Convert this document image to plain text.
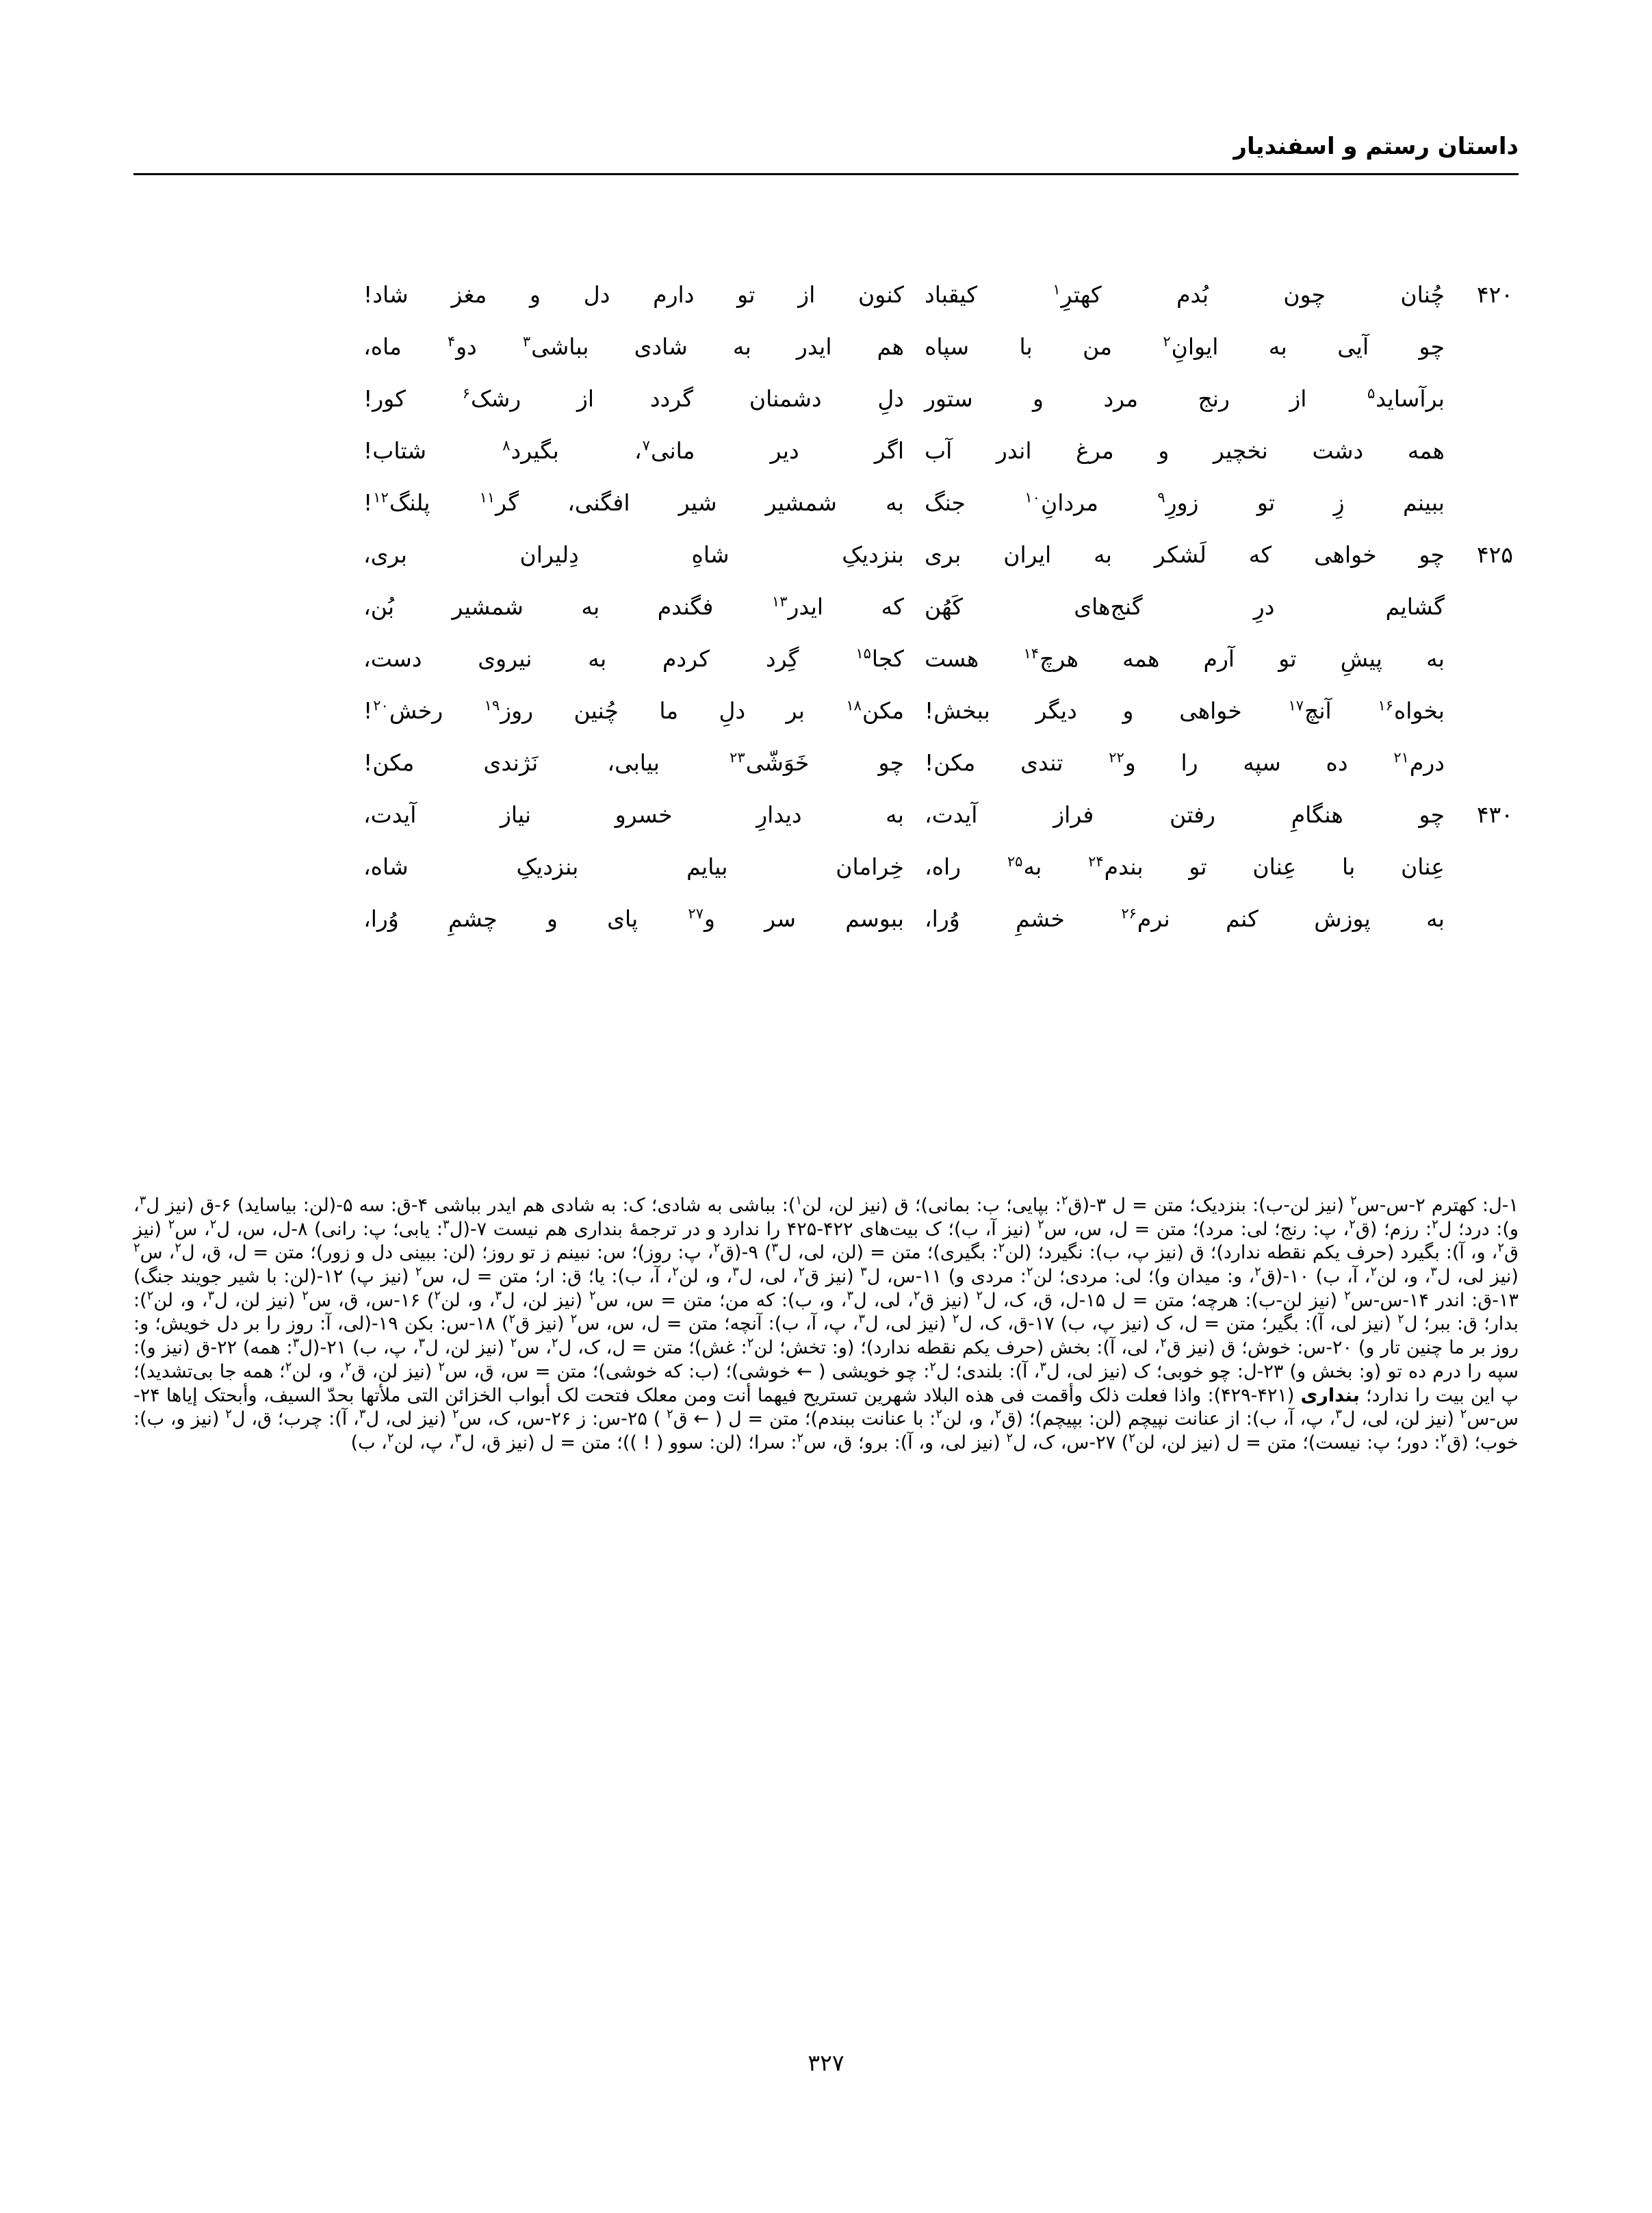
داستان رستم و اسفندیار
۴۲۰
چُنان
چون
بُدم
کهترِ$^۱$
کیقباد
کنون
از
تو
دارم
دل
و
مغز
شاد!
چو
آیی
به
ایوانِ$^۲$
من
با
سپاه
هم
ایدر
به
شادی
بباشی$^۳$
دو$^۴$
ماه،
برآساید$^۵$
از
رنج
مرد
و
ستور
دلِ
دشمنان
گردد
از
رشک$^۶$
کور!
همه
دشت
نخچیر
و
مرغ
اندر
آب
اگر
دیر
مانی$^۷$،
بگیرد$^۸$
شتاب!
ببینم
زِ
تو
زورِ$^۹$
مردانِ$^{۱۰}$
جنگ
به
شمشیر
شیر
افگنی،
گر$^{۱۱}$
پلنگ$^{۱۲}$!
۴۲۵
چو
خواهی
که
لَشکر
به
ایران
بری
بنزدیکِ
شاهِ
دِلیران
بری،
گشایم
درِ
گنج‌های
کَهُن
که
ایدر$^{۱۳}$
فگندم
به
شمشیر
بُن،
به
پیشِ
تو
آرم
همه
هرچ$^{۱۴}$
هست
کجا$^{۱۵}$
گِرد
کردم
به
نیروی
دست،
بخواه$^{۱۶}$
آنچ$^{۱۷}$
خواهی
و
دیگر
ببخش!
مکن$^{۱۸}$
بر
دلِ
ما
چُنین
روز$^{۱۹}$
رخش$^{۲۰}$!
درم$^{۲۱}$
ده
سپه
را
و$^{۲۲}$
تندی
مکن!
چو
خَوَشّی$^{۲۳}$
بیابی،
نَژندی
مکن!
۴۳۰
چو
هنگامِ
رفتن
فراز
آیدت،
به
دیدارِ
خسرو
نیاز
آیدت،
عِنان
با
عِنان
تو
بندم$^{۲۴}$
به$^{۲۵}$
راه،
خِرامان
بیایم
بنزدیکِ
شاه،
به
پوزش
کنم
نرم$^{۲۶}$
خشمِ
وُرا،
ببوسم
سر
و$^{۲۷}$
پای
و
چشمِ
وُرا،

۱-ل: کهترم ۲-س-س$^۲$ (نیز لن-ب): بنزدیک؛ متن = ل ۳-(ق$^۲$: بپایی؛ ب: بمانی)؛ ق (نیز لن، لن$^۱$): بباشی به شادی؛ ک: به شادی هم ایدر بباشی ۴-ق: سه ۵-(لن: بیاساید) ۶-ق (نیز ل$^۳$، و): درد؛ ل$^۲$: رزم؛ (ق$^۲$، پ: رنج؛ لی: مرد)؛ متن = ل، س، س$^۲$ (نیز آ، ب)؛ ک بیت‌های ۴۲۲-۴۲۵ را ندارد و در ترجمهٔ بنداری هم نیست ۷-(ل$^۳$: یابی؛ پ: رانی) ۸-ل، س، ل$^۲$، س$^۲$ (نیز ق$^۲$، و، آ): بگیرد (حرف یکم نقطه ندارد)؛ ق (نیز پ، ب): نگیرد؛ (لن$^۲$: بگیری)؛ متن = (لن، لی، ل$^۳$) ۹-(ق$^۲$، پ: روز)؛ س: نبینم ز تو روز؛ (لن: ببینی دل و زور)؛ متن = ل، ق، ل$^۲$، س$^۲$ (نیز لی، ل$^۳$، و، لن$^۲$، آ، ب) ۱۰-(ق$^۲$، و: میدان و)؛ لی: مردی؛ لن$^۲$: مردی و) ۱۱-س، ل$^۳$ (نیز ق$^۲$، لی، ل$^۳$، و، لن$^۲$، آ، ب): یا؛ ق: ار؛ متن = ل، س$^۲$ (نیز پ) ۱۲-(لن: با شیر جویند جنگ) ۱۳-ق: اندر ۱۴-س-س$^۲$ (نیز لن-ب): هرچه؛ متن = ل ۱۵-ل، ق، ک، ل$^۲$ (نیز ق$^۲$، لی، ل$^۳$، و، ب): که من؛ متن = س، س$^۲$ (نیز لن، ل$^۳$، و، لن$^۲$) ۱۶-س، ق، س$^۲$ (نیز لن، ل$^۳$، و، لن$^۲$): بدار؛ ق: ببر؛ ل$^۲$ (نیز لی، آ): بگیر؛ متن = ل، ک (نیز پ، ب) ۱۷-ق، ک، ل$^۲$ (نیز لی، ل$^۳$، پ، آ، ب): آنچه؛ متن = ل، س، س$^۲$ (نیز ق$^۲$) ۱۸-س: بکن ۱۹-(لی، آ: روز را بر دل خویش؛ و: روز بر ما چنین تار و) ۲۰-س: خوش؛ ق (نیز ق$^۲$، لی، آ): بخش (حرف یکم نقطه ندارد)؛ (و: تخش؛ لن$^۲$: غش)؛ متن = ل، ک، ل$^۲$، س$^۲$ (نیز لن، ل$^۳$، پ، ب) ۲۱-(ل$^۳$: همه) ۲۲-ق (نیز و): سپه را درم ده تو (و: بخش و) ۲۳-ل: چو خوبی؛ ک (نیز لی، ل$^۳$، آ): بلندی؛ ل$^۲$: چو خویشی ( ← خوشی)؛ (ب: که خوشی)؛ متن = س، ق، س$^۲$ (نیز لن، ق$^۲$، و، لن$^۲$؛ همه جا بی‌تشدید)؛ پ این بیت را ندارد؛ بنداری (۴۲۱-۴۲۹): واذا فعلت ذلک وأقمت فی هذه البلاد شهرین تستریح فیهما أنت ومن معلک فتحت لک أبواب الخزائن التی ملأتها بحدّ السیف، وأبحتک إیاها ۲۴-س-س$^۲$ (نیز لن، لی، ل$^۳$، پ، آ، ب): از عنانت نپیچم (لن: بپیچم)؛ (ق$^۲$، و، لن$^۲$: با عنانت ببندم)؛ متن = ل ( ← ق$^۲$ ) ۲۵-س: ز ۲۶-س، ک، س$^۲$ (نیز لی، ل$^۳$، آ): چرب؛ ق، ل$^۲$ (نیز و، ب): خوب؛ (ق$^۲$: دور؛ پ: نیست)؛ متن = ل (نیز لن، لن$^۲$) ۲۷-س، ک، ل$^۲$ (نیز لی، و، آ): برو؛ ق، س$^۲$: سرا؛ (لن: سوو ( ! ))؛ متن = ل (نیز ق، ل$^۳$، پ، لن$^۲$، ب)

۳۲۷
